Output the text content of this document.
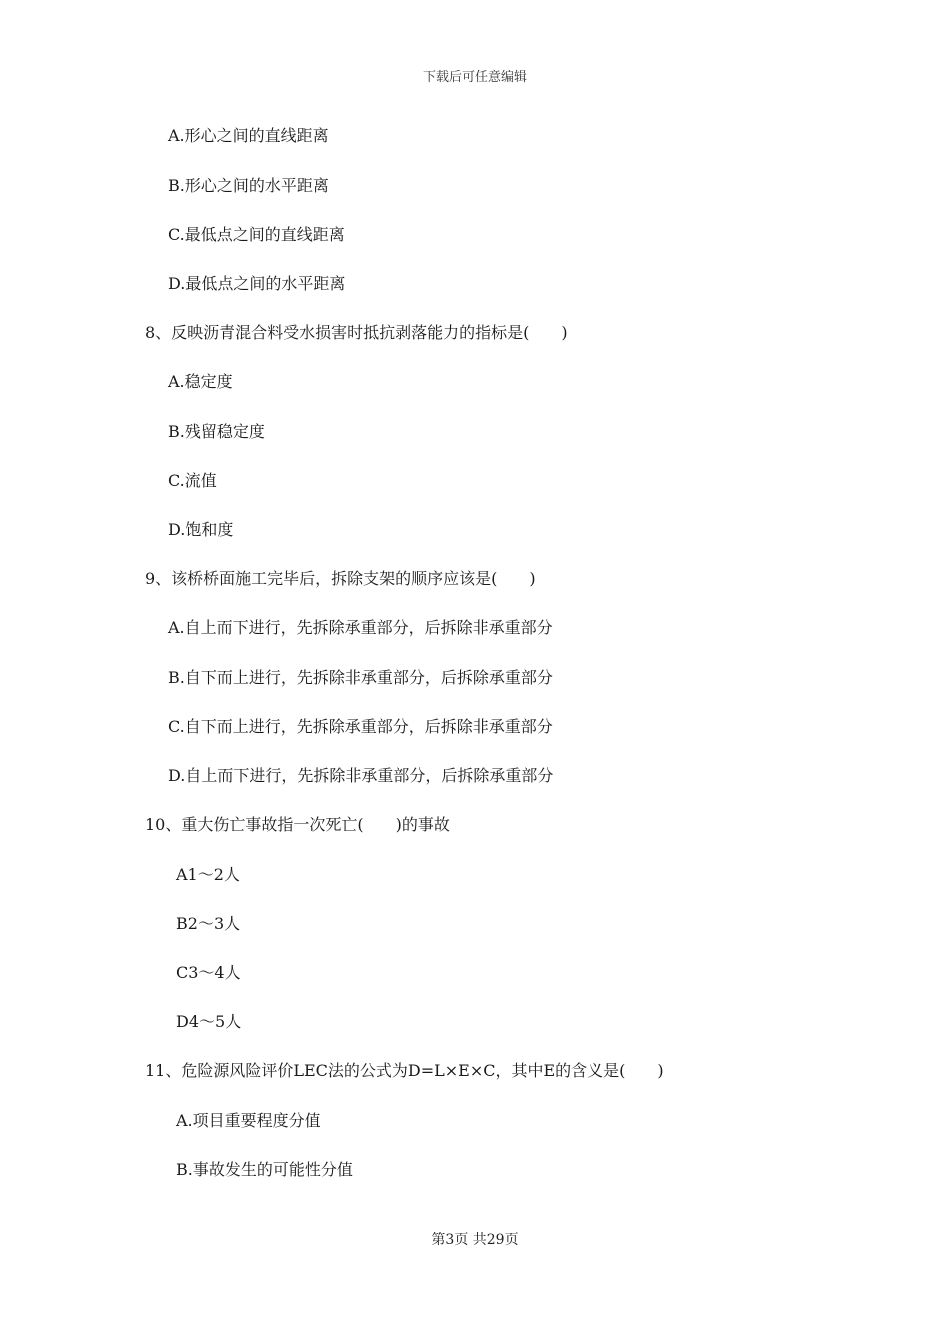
下载后可任意编辑
A.形心之间的直线距离
B.形心之间的水平距离
C.最低点之间的直线距离
D.最低点之间的水平距离
8、反映沥青混合料受水损害时抵抗剥落能力的指标是(　　)
A.稳定度
B.残留稳定度
C.流值
D.饱和度
9、该桥桥面施工完毕后，拆除支架的顺序应该是(　　)
A.自上而下进行，先拆除承重部分，后拆除非承重部分
B.自下而上进行，先拆除非承重部分，后拆除承重部分
C.自下而上进行，先拆除承重部分，后拆除非承重部分
D.自上而下进行，先拆除非承重部分，后拆除承重部分
10、重大伤亡事故指一次死亡(　　)的事故
A1～2人
B2～3人
C3～4人
D4～5人
11、危险源风险评价LEC法的公式为D=L×E×C，其中E的含义是(　　)
A.项目重要程度分值
B.事故发生的可能性分值
第3页 共29页
